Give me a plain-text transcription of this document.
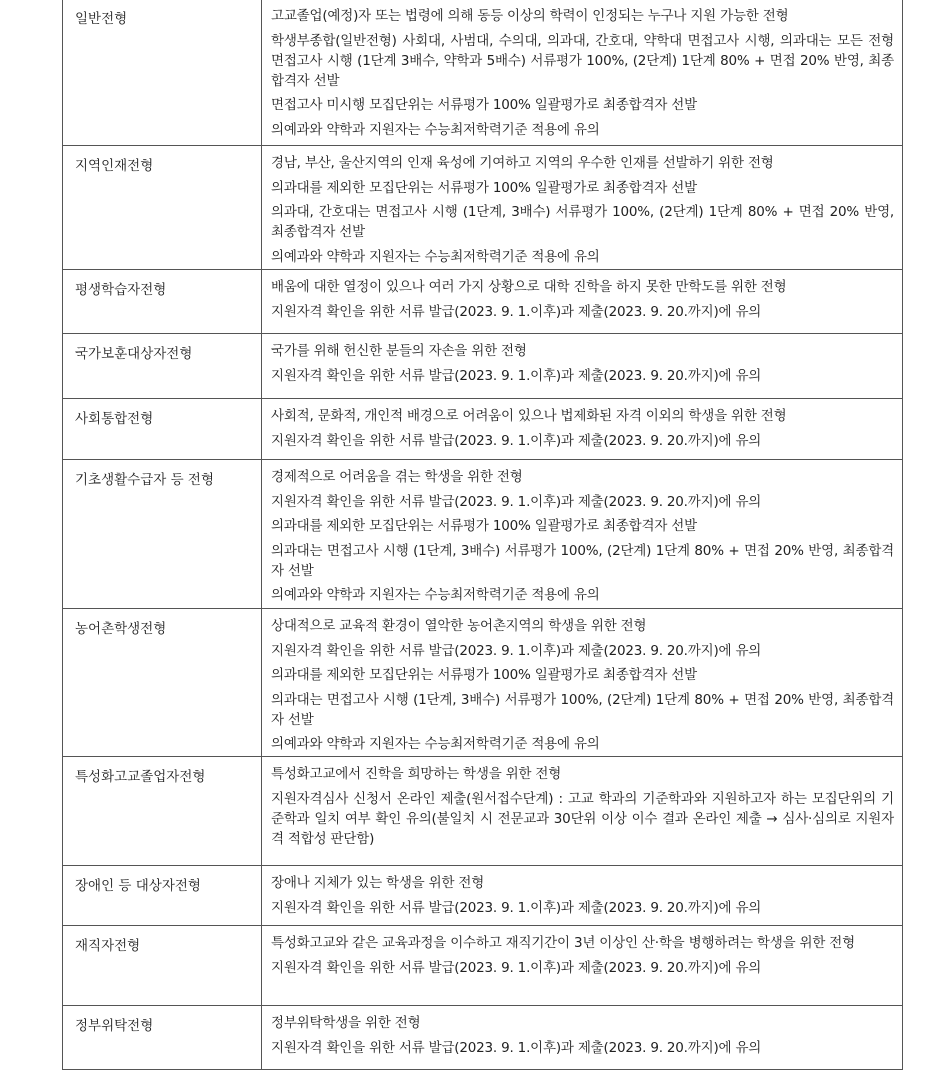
일반전형	고교졸업(예정)자 또는 법령에 의해 동등 이상의 학력이 인정되는 누구나 지원 가능한 전형

학생부종합(일반전형) 사회대, 사범대, 수의대, 의과대, 간호대, 약학대 면접고사 시행, 의과대는 모든 전형 면접고사 시행 (1단계 3배수, 약학과 5배수) 서류평가 100%, (2단계) 1단계 80% + 면접 20% 반영, 최종합격자 선발

면접고사 미시행 모집단위는 서류평가 100% 일괄평가로 최종합격자 선발

의예과와 약학과 지원자는 수능최저학력기준 적용에 유의

지역인재전형	경남, 부산, 울산지역의 인재 육성에 기여하고 지역의 우수한 인재를 선발하기 위한 전형

의과대를 제외한 모집단위는 서류평가 100% 일괄평가로 최종합격자 선발

의과대, 간호대는 면접고사 시행 (1단계, 3배수) 서류평가 100%, (2단계) 1단계 80% + 면접 20% 반영, 최종합격자 선발

의예과와 약학과 지원자는 수능최저학력기준 적용에 유의

평생학습자전형	배움에 대한 열정이 있으나 여러 가지 상황으로 대학 진학을 하지 못한 만학도를 위한 전형

지원자격 확인을 위한 서류 발급(2023. 9. 1.이후)과 제출(2023. 9. 20.까지)에 유의

국가보훈대상자전형	국가를 위해 헌신한 분들의 자손을 위한 전형

지원자격 확인을 위한 서류 발급(2023. 9. 1.이후)과 제출(2023. 9. 20.까지)에 유의

사회통합전형	사회적, 문화적, 개인적 배경으로 어려움이 있으나 법제화된 자격 이외의 학생을 위한 전형

지원자격 확인을 위한 서류 발급(2023. 9. 1.이후)과 제출(2023. 9. 20.까지)에 유의

기초생활수급자 등 전형	경제적으로 어려움을 겪는 학생을 위한 전형

지원자격 확인을 위한 서류 발급(2023. 9. 1.이후)과 제출(2023. 9. 20.까지)에 유의

의과대를 제외한 모집단위는 서류평가 100% 일괄평가로 최종합격자 선발

의과대는 면접고사 시행 (1단계, 3배수) 서류평가 100%, (2단계) 1단계 80% + 면접 20% 반영, 최종합격자 선발

의예과와 약학과 지원자는 수능최저학력기준 적용에 유의

농어촌학생전형	상대적으로 교육적 환경이 열악한 농어촌지역의 학생을 위한 전형

지원자격 확인을 위한 서류 발급(2023. 9. 1.이후)과 제출(2023. 9. 20.까지)에 유의

의과대를 제외한 모집단위는 서류평가 100% 일괄평가로 최종합격자 선발

의과대는 면접고사 시행 (1단계, 3배수) 서류평가 100%, (2단계) 1단계 80% + 면접 20% 반영, 최종합격자 선발

의예과와 약학과 지원자는 수능최저학력기준 적용에 유의

특성화고교졸업자전형	특성화고교에서 진학을 희망하는 학생을 위한 전형

지원자격심사 신청서 온라인 제출(원서접수단계) : 고교 학과의 기준학과와 지원하고자 하는 모집단위의 기준학과 일치 여부 확인 유의(불일치 시 전문교과 30단위 이상 이수 결과 온라인 제출 → 심사·심의로 지원자격 적합성 판단함)

장애인 등 대상자전형	장애나 지체가 있는 학생을 위한 전형

지원자격 확인을 위한 서류 발급(2023. 9. 1.이후)과 제출(2023. 9. 20.까지)에 유의

재직자전형	특성화고교와 같은 교육과정을 이수하고 재직기간이 3년 이상인 산·학을 병행하려는 학생을 위한 전형

지원자격 확인을 위한 서류 발급(2023. 9. 1.이후)과 제출(2023. 9. 20.까지)에 유의

정부위탁전형	정부위탁학생을 위한 전형

지원자격 확인을 위한 서류 발급(2023. 9. 1.이후)과 제출(2023. 9. 20.까지)에 유의
